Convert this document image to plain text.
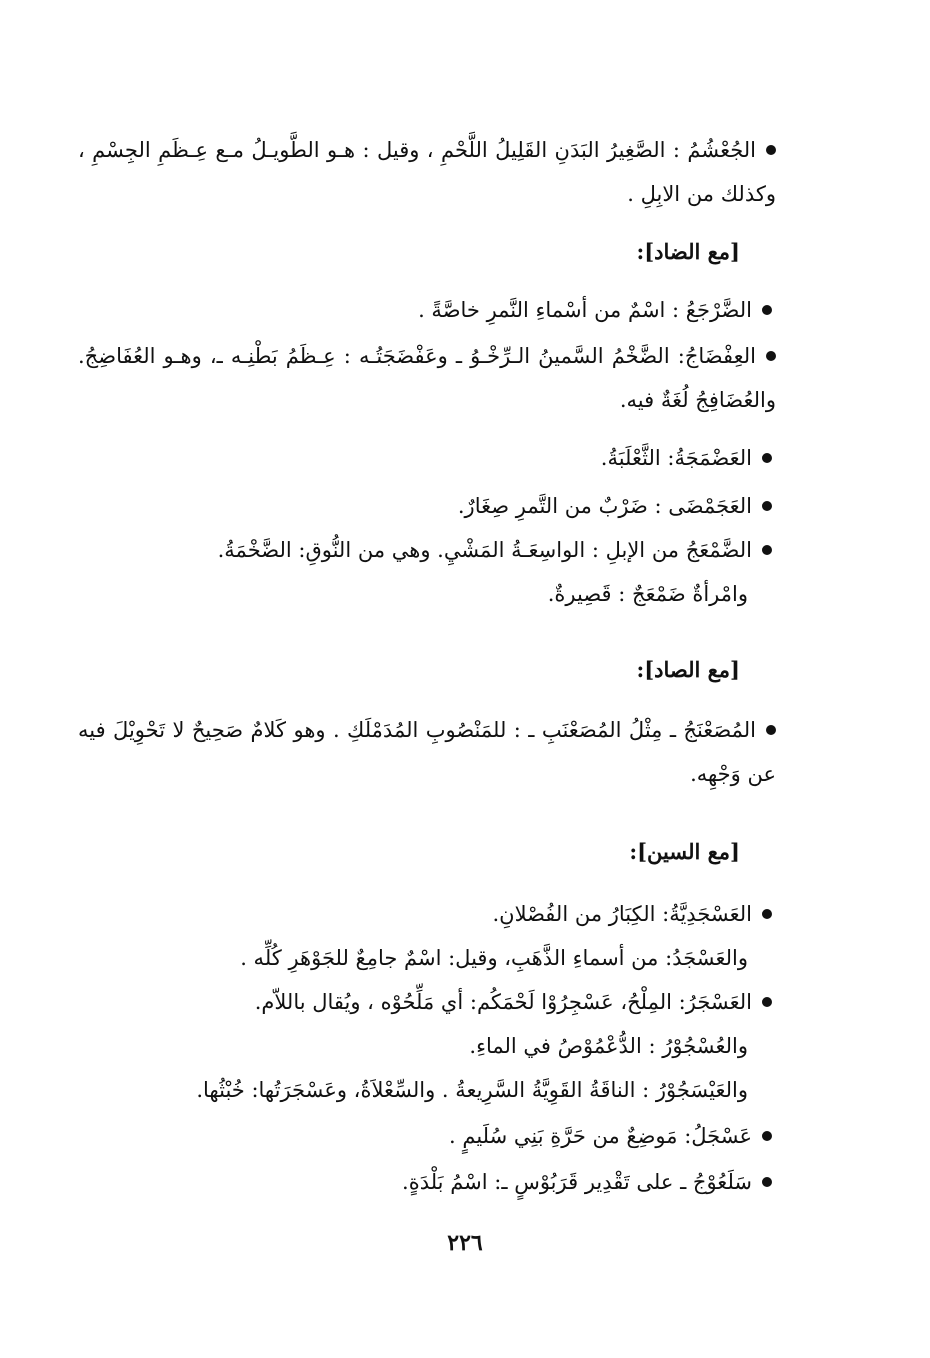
الجُعْشُمُ : الصَّغِيرُ البَدَنِ القَلِيلُ اللَّحْمِ ، وقيل : هـو الطَّويـلُ مـع عِـظَمِ الجِسْمِ ، وكذلك من الابِلِ .

[مع الضاد]:

الضَّرْجَعُ : اسْمٌ من أسْماءِ النَّمرِ خاصَّةً .

العِفْضَاجُ: الضَّخْمُ السَّمينُ الـرِّخْـوُ ـ وعَفْضَجَتُـه : عِـظَمُ بَطْنِـه ـ، وهـو العُفَاضِجُ. والعُضَافِجُ لُغَةٌ فيه.

العَضْمَجَةُ: الثَّعْلَبَةُ.

العَجَمْضَى : ضَرْبٌ من التَّمرِ صِغَارٌ.

الضَّمْعَجُ من الإبلِ : الواسِعَـةُ المَشْيِ. وهي من النُّوقِ: الضَّخْمَةُ.

وامْرأةٌ ضَمْعَجٌ : قَصِيرةٌ.

[مع الصاد]:

المُصَعْنَجُ ـ مِثْلُ المُصَعْنَبِ ـ : للمَنْصُوبِ المُدَمْلَكِ . وهو كَلامٌ صَحِيحٌ لا تَحْوِيْلَ فيه عن وَجْهِه.

[مع السين]:

العَسْجَدِيَّةُ: الكِبَارُ من الفُصْلانِ.

والعَسْجَدُ: من أسماءِ الذَّهَبِ، وقيل: اسْمٌ جامِعٌ للجَوْهَرِ كُلِّه .

العَسْجَرُ: المِلْحُ، عَسْجِرُوْا لَحْمَكُم: أي مَلِّحُوْه ، ويُقال باللاّم.

والعُسْجُوْرُ : الدُّعْمُوْصُ في الماءِ.

والعَيْسَجُوْرُ : الناقَةُ القَوِيَّةُ السَّرِيعةُ . والسِّعْلاَةُ، وعَسْجَرَتُها: خُبْثُها.

عَسْجَلُ: مَوضِعٌ من حَرَّةِ بَنِي سُلَيمٍ .

سَلَعُوْجُ ـ على تَقْدِير قَرَبُوْسٍ ـ: اسْمُ بَلْدَةٍ.

٢٢٦
